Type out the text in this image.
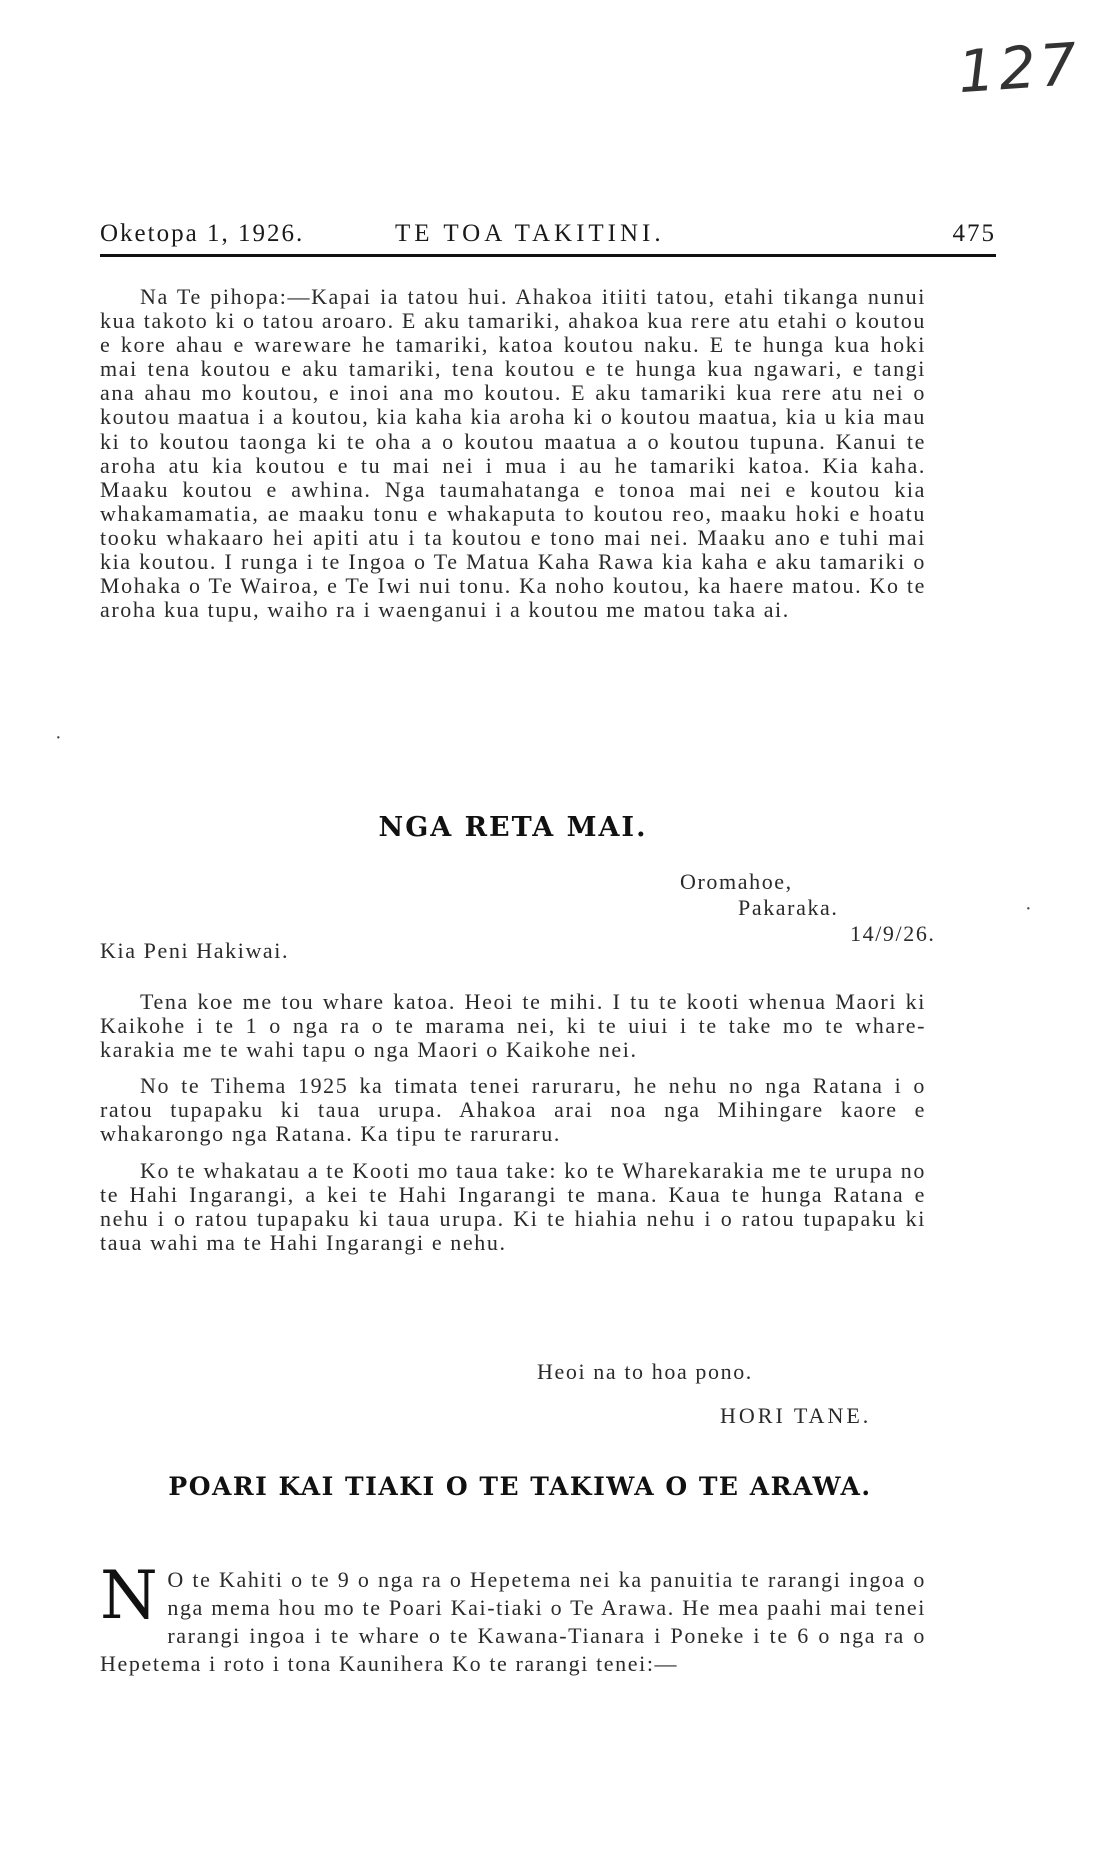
127
Oketopa 1, 1926.	TE TOA TAKITINI.	475

Na Te pihopa:—Kapai ia tatou hui. Ahakoa itiiti tatou, etahi tikanga nunui kua takoto ki o tatou aroaro. E aku tamariki, ahakoa kua rere atu etahi o koutou e kore ahau e wareware he tamariki, katoa koutou naku. E te hunga kua hoki mai tena koutou e aku tamariki, tena koutou e te hunga kua ngawari, e tangi ana ahau mo koutou, e inoi ana mo koutou. E aku tamariki kua rere atu nei o koutou maatua i a koutou, kia kaha kia aroha ki o koutou maatua, kia u kia mau ki to koutou taonga ki te oha a o koutou maatua a o koutou tupuna. Kanui te aroha atu kia koutou e tu mai nei i mua i au he tamariki katoa. Kia kaha. Maaku koutou e awhina. Nga taumahatanga e tonoa mai nei e koutou kia whakamamatia, ae maaku tonu e whakaputa to koutou reo, maaku hoki e hoatu tooku whakaaro hei apiti atu i ta koutou e tono mai nei. Maaku ano e tuhi mai kia koutou. I runga i te Ingoa o Te Matua Kaha Rawa kia kaha e aku tamariki o Mohaka o Te Wairoa, e Te Iwi nui tonu. Ka noho koutou, ka haere matou. Ko te aroha kua tupu, waiho ra i waenganui i a koutou me matou taka ai.

NGA RETA MAI.
Oromahoe,
Pakaraka.
14/9/26.
Kia Peni Hakiwai.

Tena koe me tou whare katoa. Heoi te mihi. I tu te kooti whenua Maori ki Kaikohe i te 1 o nga ra o te marama nei, ki te uiui i te take mo te whare-karakia me te wahi tapu o nga Maori o Kaikohe nei.

No te Tihema 1925 ka timata tenei raruraru, he nehu no nga Ratana i o ratou tupapaku ki taua urupa. Ahakoa arai noa nga Mihingare kaore e whakarongo nga Ratana. Ka tipu te raruraru.

Ko te whakatau a te Kooti mo taua take: ko te Wharekarakia me te urupa no te Hahi Ingarangi, a kei te Hahi Ingarangi te mana. Kaua te hunga Ratana e nehu i o ratou tupapaku ki taua urupa. Ki te hiahia nehu i o ratou tupapaku ki taua wahi ma te Hahi Ingarangi e nehu.

Heoi na to hoa pono.
HORI TANE.
POARI KAI TIAKI O TE TAKIWA O TE ARAWA.
N O te Kahiti o te 9 o nga ra o Hepetema nei ka panuitia te rarangi ingoa o nga mema hou mo te Poari Kai-tiaki o Te Arawa. He mea paahi mai tenei rarangi ingoa i te whare o te Kawana-Tianara i Poneke i te 6 o nga ra o Hepetema i roto i tona Kaunihera Ko te rarangi tenei:—
·
·
